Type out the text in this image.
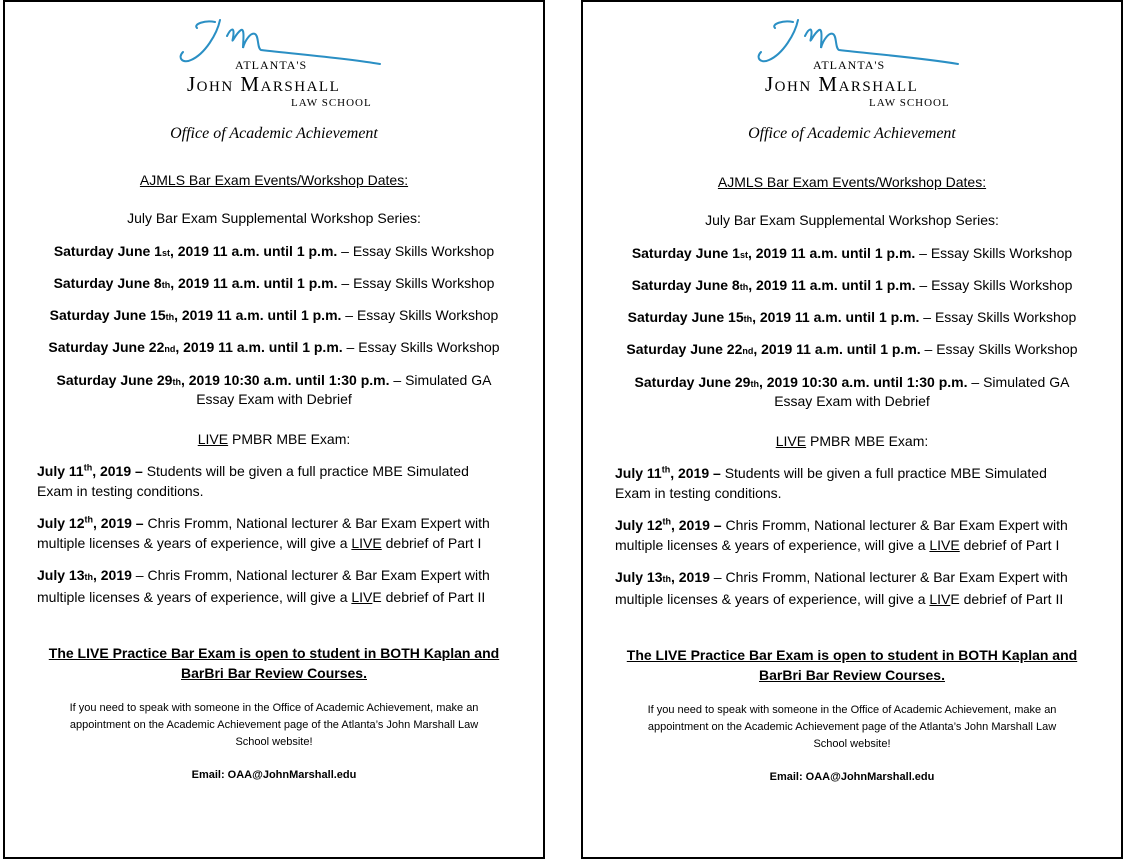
ATLANTA'S
John Marshall
LAW SCHOOL
Office of Academic Achievement
AJMLS Bar Exam Events/Workshop Dates:
July Bar Exam Supplemental Workshop Series:
Saturday June 1st, 2019 11 a.m. until 1 p.m. – Essay Skills Workshop
Saturday June 8th, 2019 11 a.m. until 1 p.m. – Essay Skills Workshop
Saturday June 15th, 2019 11 a.m. until 1 p.m. – Essay Skills Workshop
Saturday June 22nd, 2019 11 a.m. until 1 p.m. – Essay Skills Workshop
Saturday June 29th, 2019 10:30 a.m. until 1:30 p.m. – Simulated GA
Essay Exam with Debrief
LIVE PMBR MBE Exam:
July 11th, 2019 – Students will be given a full practice MBE Simulated
Exam in testing conditions.
July 12th, 2019 – Chris Fromm, National lecturer & Bar Exam Expert with
multiple licenses & years of experience, will give a LIVE debrief of Part I
July 13th, 2019 – Chris Fromm, National lecturer & Bar Exam Expert with
multiple licenses & years of experience, will give a LIVE debrief of Part II
The LIVE Practice Bar Exam is open to student in BOTH Kaplan and
BarBri Bar Review Courses.
If you need to speak with someone in the Office of Academic Achievement, make an
appointment on the Academic Achievement page of the Atlanta’s John Marshall Law
School website!
Email: OAA@JohnMarshall.edu
ATLANTA'S
John Marshall
LAW SCHOOL
Office of Academic Achievement
AJMLS Bar Exam Events/Workshop Dates:
July Bar Exam Supplemental Workshop Series:
Saturday June 1st, 2019 11 a.m. until 1 p.m. – Essay Skills Workshop
Saturday June 8th, 2019 11 a.m. until 1 p.m. – Essay Skills Workshop
Saturday June 15th, 2019 11 a.m. until 1 p.m. – Essay Skills Workshop
Saturday June 22nd, 2019 11 a.m. until 1 p.m. – Essay Skills Workshop
Saturday June 29th, 2019 10:30 a.m. until 1:30 p.m. – Simulated GA
Essay Exam with Debrief
LIVE PMBR MBE Exam:
July 11th, 2019 – Students will be given a full practice MBE Simulated
Exam in testing conditions.
July 12th, 2019 – Chris Fromm, National lecturer & Bar Exam Expert with
multiple licenses & years of experience, will give a LIVE debrief of Part I
July 13th, 2019 – Chris Fromm, National lecturer & Bar Exam Expert with
multiple licenses & years of experience, will give a LIVE debrief of Part II
The LIVE Practice Bar Exam is open to student in BOTH Kaplan and
BarBri Bar Review Courses.
If you need to speak with someone in the Office of Academic Achievement, make an
appointment on the Academic Achievement page of the Atlanta’s John Marshall Law
School website!
Email: OAA@JohnMarshall.edu
